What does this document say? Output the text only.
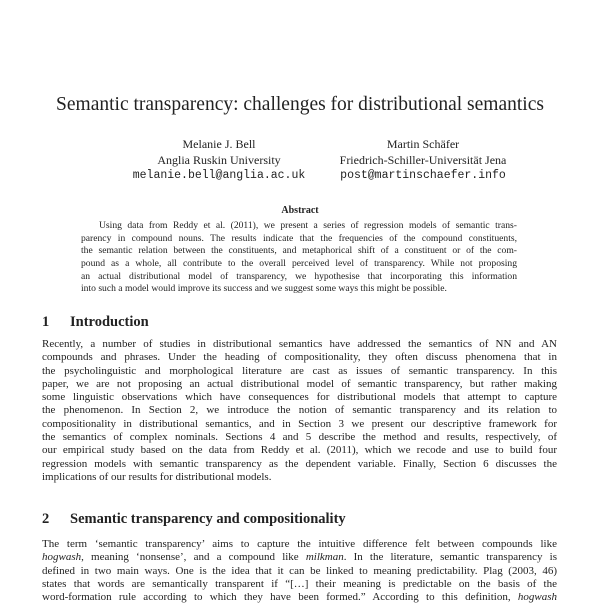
Semantic transparency: challenges for distributional semantics
Melanie J. Bell
Anglia Ruskin University
melanie.bell@anglia.ac.uk
Martin Schäfer
Friedrich-Schiller-Universität Jena
post@martinschaefer.info
Abstract
Using data from Reddy et al. (2011), we present a series of regression models of semantic trans-
parency in compound nouns. The results indicate that the frequencies of the compound constituents,
the semantic relation between the constituents, and metaphorical shift of a constituent or of the com-
pound as a whole, all contribute to the overall perceived level of transparency. While not proposing
an actual distributional model of transparency, we hypothesise that incorporating this information
into such a model would improve its success and we suggest some ways this might be possible.
1 Introduction
Recently, a number of studies in distributional semantics have addressed the semantics of NN and AN
compounds and phrases. Under the heading of compositionality, they often discuss phenomena that in
the psycholinguistic and morphological literature are cast as issues of semantic transparency. In this
paper, we are not proposing an actual distributional model of semantic transparency, but rather making
some linguistic observations which have consequences for distributional models that attempt to capture
the phenomenon. In Section 2, we introduce the notion of semantic transparency and its relation to
compositionality in distributional semantics, and in Section 3 we present our descriptive framework for
the semantics of complex nominals. Sections 4 and 5 describe the method and results, respectively, of
our empirical study based on the data from Reddy et al. (2011), which we recode and use to build four
regression models with semantic transparency as the dependent variable. Finally, Section 6 discusses the
implications of our results for distributional models.
2 Semantic transparency and compositionality
The term ‘semantic transparency’ aims to capture the intuitive difference felt between compounds like
hogwash, meaning ‘nonsense’, and a compound like milkman. In the literature, semantic transparency is
defined in two main ways. One is the idea that it can be linked to meaning predictability. Plag (2003, 46)
states that words are semantically transparent if “[…] their meaning is predictable on the basis of the
word-formation rule according to which they have been formed.” According to this definition, hogwash
